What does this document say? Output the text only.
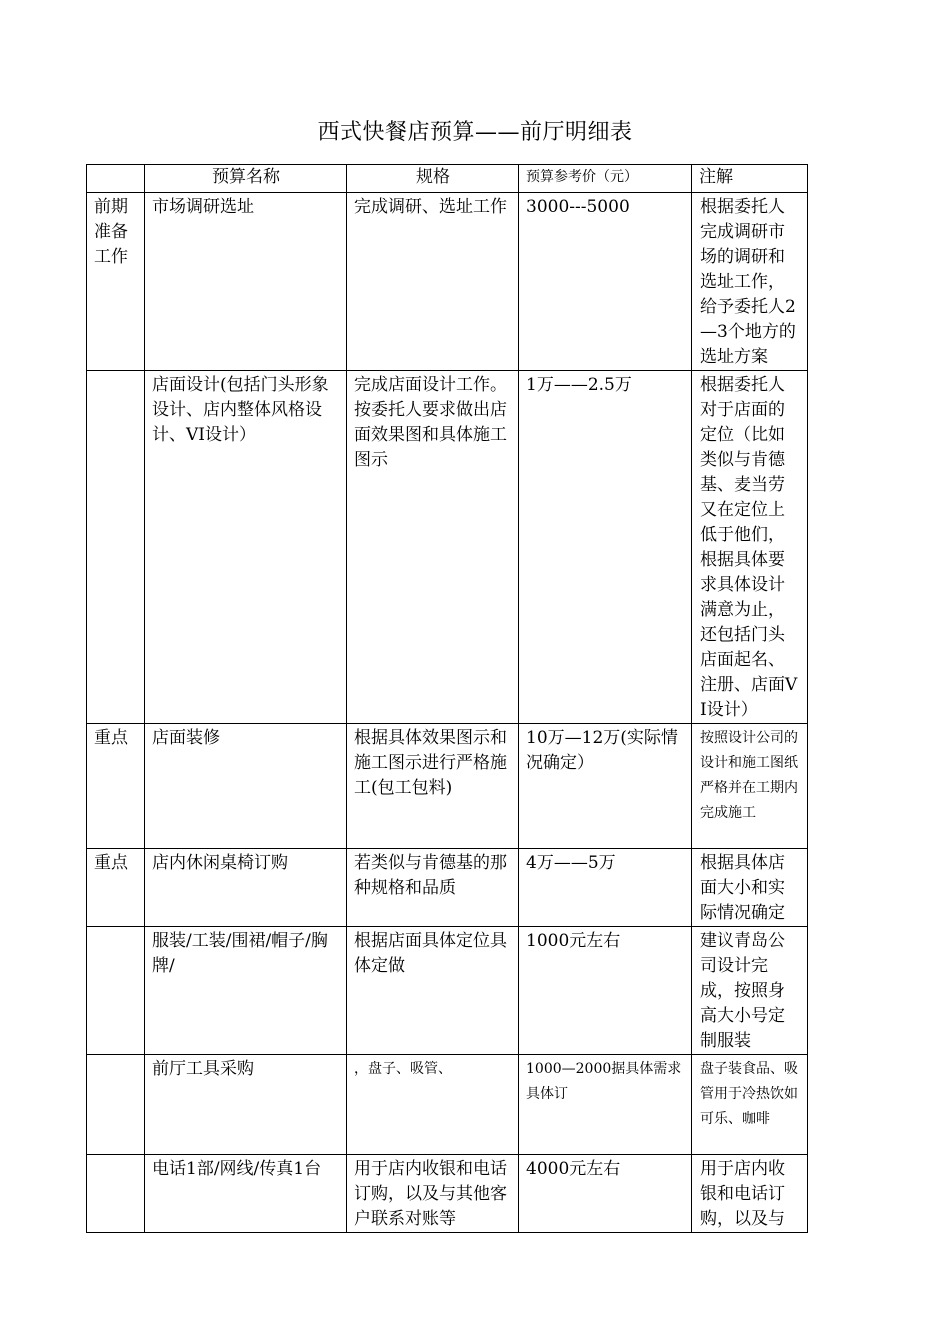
西式快餐店预算——前厅明细表
	预算名称	规格	预算参考价（元）	注解
前期准备工作	市场调研选址	完成调研、选址工作	3000---5000	根据委托人完成调研市场的调研和选址工作，给予委托人2—3个地方的选址方案
	店面设计(包括门头形象设计、店内整体风格设计、VI设计）	完成店面设计工作。按委托人要求做出店面效果图和具体施工图示	1万——2.5万	根据委托人对于店面的定位（比如类似与肯德基、麦当劳又在定位上低于他们，根据具体要求具体设计满意为止，还包括门头店面起名、注册、店面VI设计）
重点	店面装修	根据具体效果图示和施工图示进行严格施工(包工包料)	10万—12万(实际情况确定）	按照设计公司的设计和施工图纸严格并在工期内完成施工
重点	店内休闲桌椅订购	若类似与肯德基的那种规格和品质	4万——5万	根据具体店面大小和实际情况确定
	服装/工装/围裙/帽子/胸牌/	根据店面具体定位具体定做	1000元左右	建议青岛公司设计完成，按照身高大小号定制服装
	前厅工具采购	，盘子、吸管、	1000—2000据具体需求具体订	盘子装食品、吸管用于冷热饮如可乐、咖啡
	电话1部/网线/传真1台	用于店内收银和电话订购，以及与其他客户联系对账等	4000元左右	用于店内收银和电话订购，以及与
